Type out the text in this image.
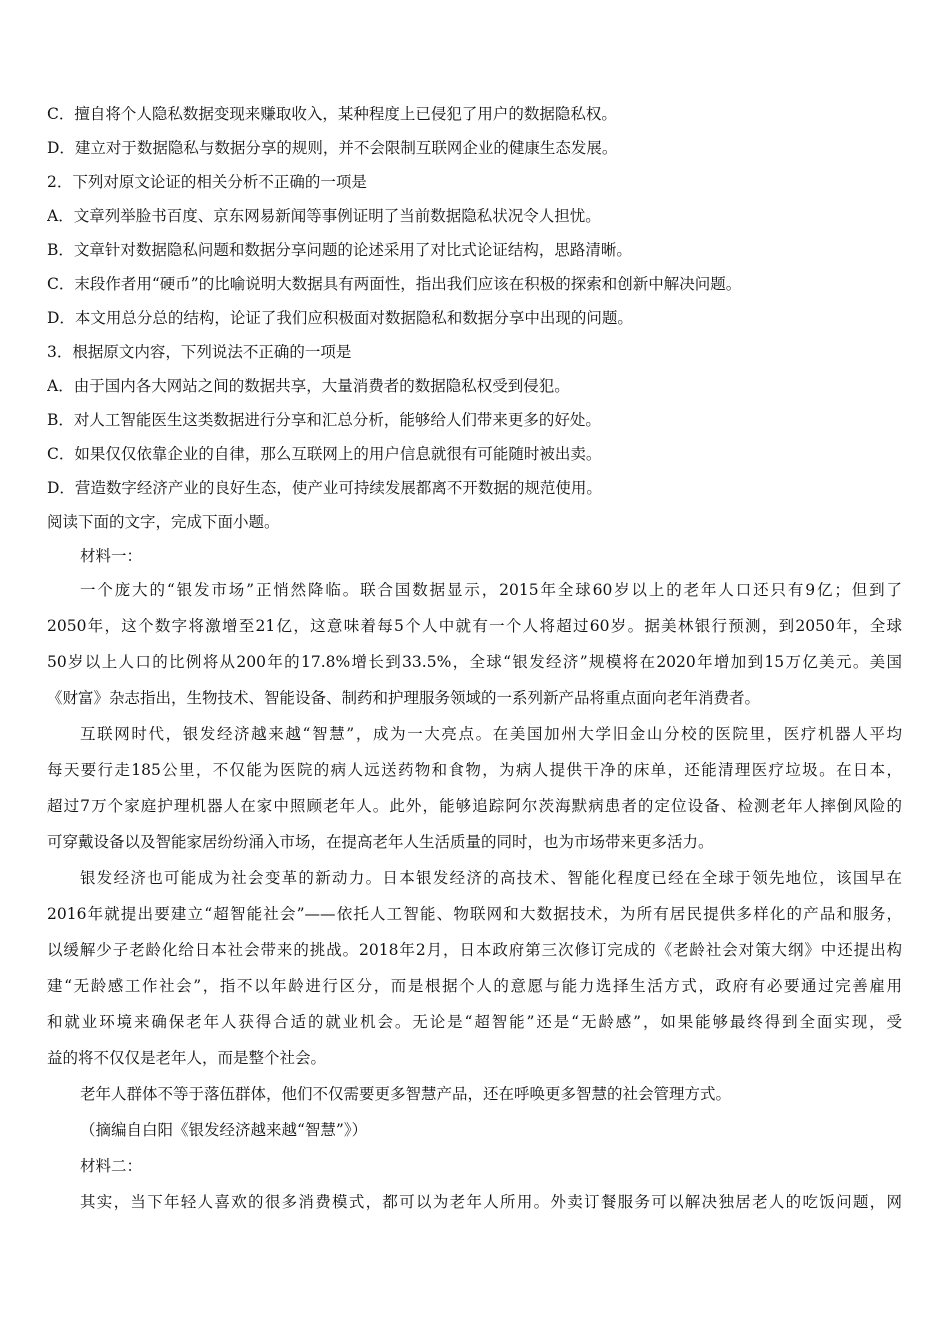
C．擅自将个人隐私数据变现来赚取收入，某种程度上已侵犯了用户的数据隐私权。
D．建立对于数据隐私与数据分享的规则，并不会限制互联网企业的健康生态发展。
2．下列对原文论证的相关分析不正确的一项是
A．文章列举脸书百度、京东网易新闻等事例证明了当前数据隐私状况令人担忧。
B．文章针对数据隐私问题和数据分享问题的论述采用了对比式论证结构，思路清晰。
C．末段作者用“硬币”的比喻说明大数据具有两面性，指出我们应该在积极的探索和创新中解决问题。
D．本文用总分总的结构，论证了我们应积极面对数据隐私和数据分享中出现的问题。
3．根据原文内容，下列说法不正确的一项是
A．由于国内各大网站之间的数据共享，大量消费者的数据隐私权受到侵犯。
B．对人工智能医生这类数据进行分享和汇总分析，能够给人们带来更多的好处。
C．如果仅仅依靠企业的自律，那么互联网上的用户信息就很有可能随时被出卖。
D．营造数字经济产业的良好生态，使产业可持续发展都离不开数据的规范使用。
阅读下面的文字，完成下面小题。
材料一：
一个庞大的“银发市场”正悄然降临。联合国数据显示，2015年全球60岁以上的老年人口还只有9亿；但到了
2050年，这个数字将激增至21亿，这意味着每5个人中就有一个人将超过60岁。据美林银行预测，到2050年，全球
50岁以上人口的比例将从200年的17.8%增长到33.5%，全球“银发经济”规模将在2020年增加到15万亿美元。美国
《财富》杂志指出，生物技术、智能设备、制药和护理服务领域的一系列新产品将重点面向老年消费者。
互联网时代，银发经济越来越“智慧”，成为一大亮点。在美国加州大学旧金山分校的医院里，医疗机器人平均
每天要行走185公里，不仅能为医院的病人远送药物和食物，为病人提供干净的床单，还能清理医疗垃圾。在日本，
超过7万个家庭护理机器人在家中照顾老年人。此外，能够追踪阿尔茨海默病患者的定位设备、检测老年人摔倒风险的
可穿戴设备以及智能家居纷纷涌入市场，在提高老年人生活质量的同时，也为市场带来更多活力。
银发经济也可能成为社会变革的新动力。日本银发经济的高技术、智能化程度已经在全球于领先地位，该国早在
2016年就提出要建立“超智能社会”——依托人工智能、物联网和大数据技术，为所有居民提供多样化的产品和服务，
以缓解少子老龄化给日本社会带来的挑战。2018年2月，日本政府第三次修订完成的《老龄社会对策大纲》中还提出构
建“无龄感工作社会”，指不以年龄进行区分，而是根据个人的意愿与能力选择生活方式，政府有必要通过完善雇用
和就业环境来确保老年人获得合适的就业机会。无论是“超智能”还是“无龄感”，如果能够最终得到全面实现，受
益的将不仅仅是老年人，而是整个社会。
老年人群体不等于落伍群体，他们不仅需要更多智慧产品，还在呼唤更多智慧的社会管理方式。
（摘编自白阳《银发经济越来越“智慧”》）
材料二：
其实，当下年轻人喜欢的很多消费模式，都可以为老年人所用。外卖订餐服务可以解决独居老人的吃饭问题，网
